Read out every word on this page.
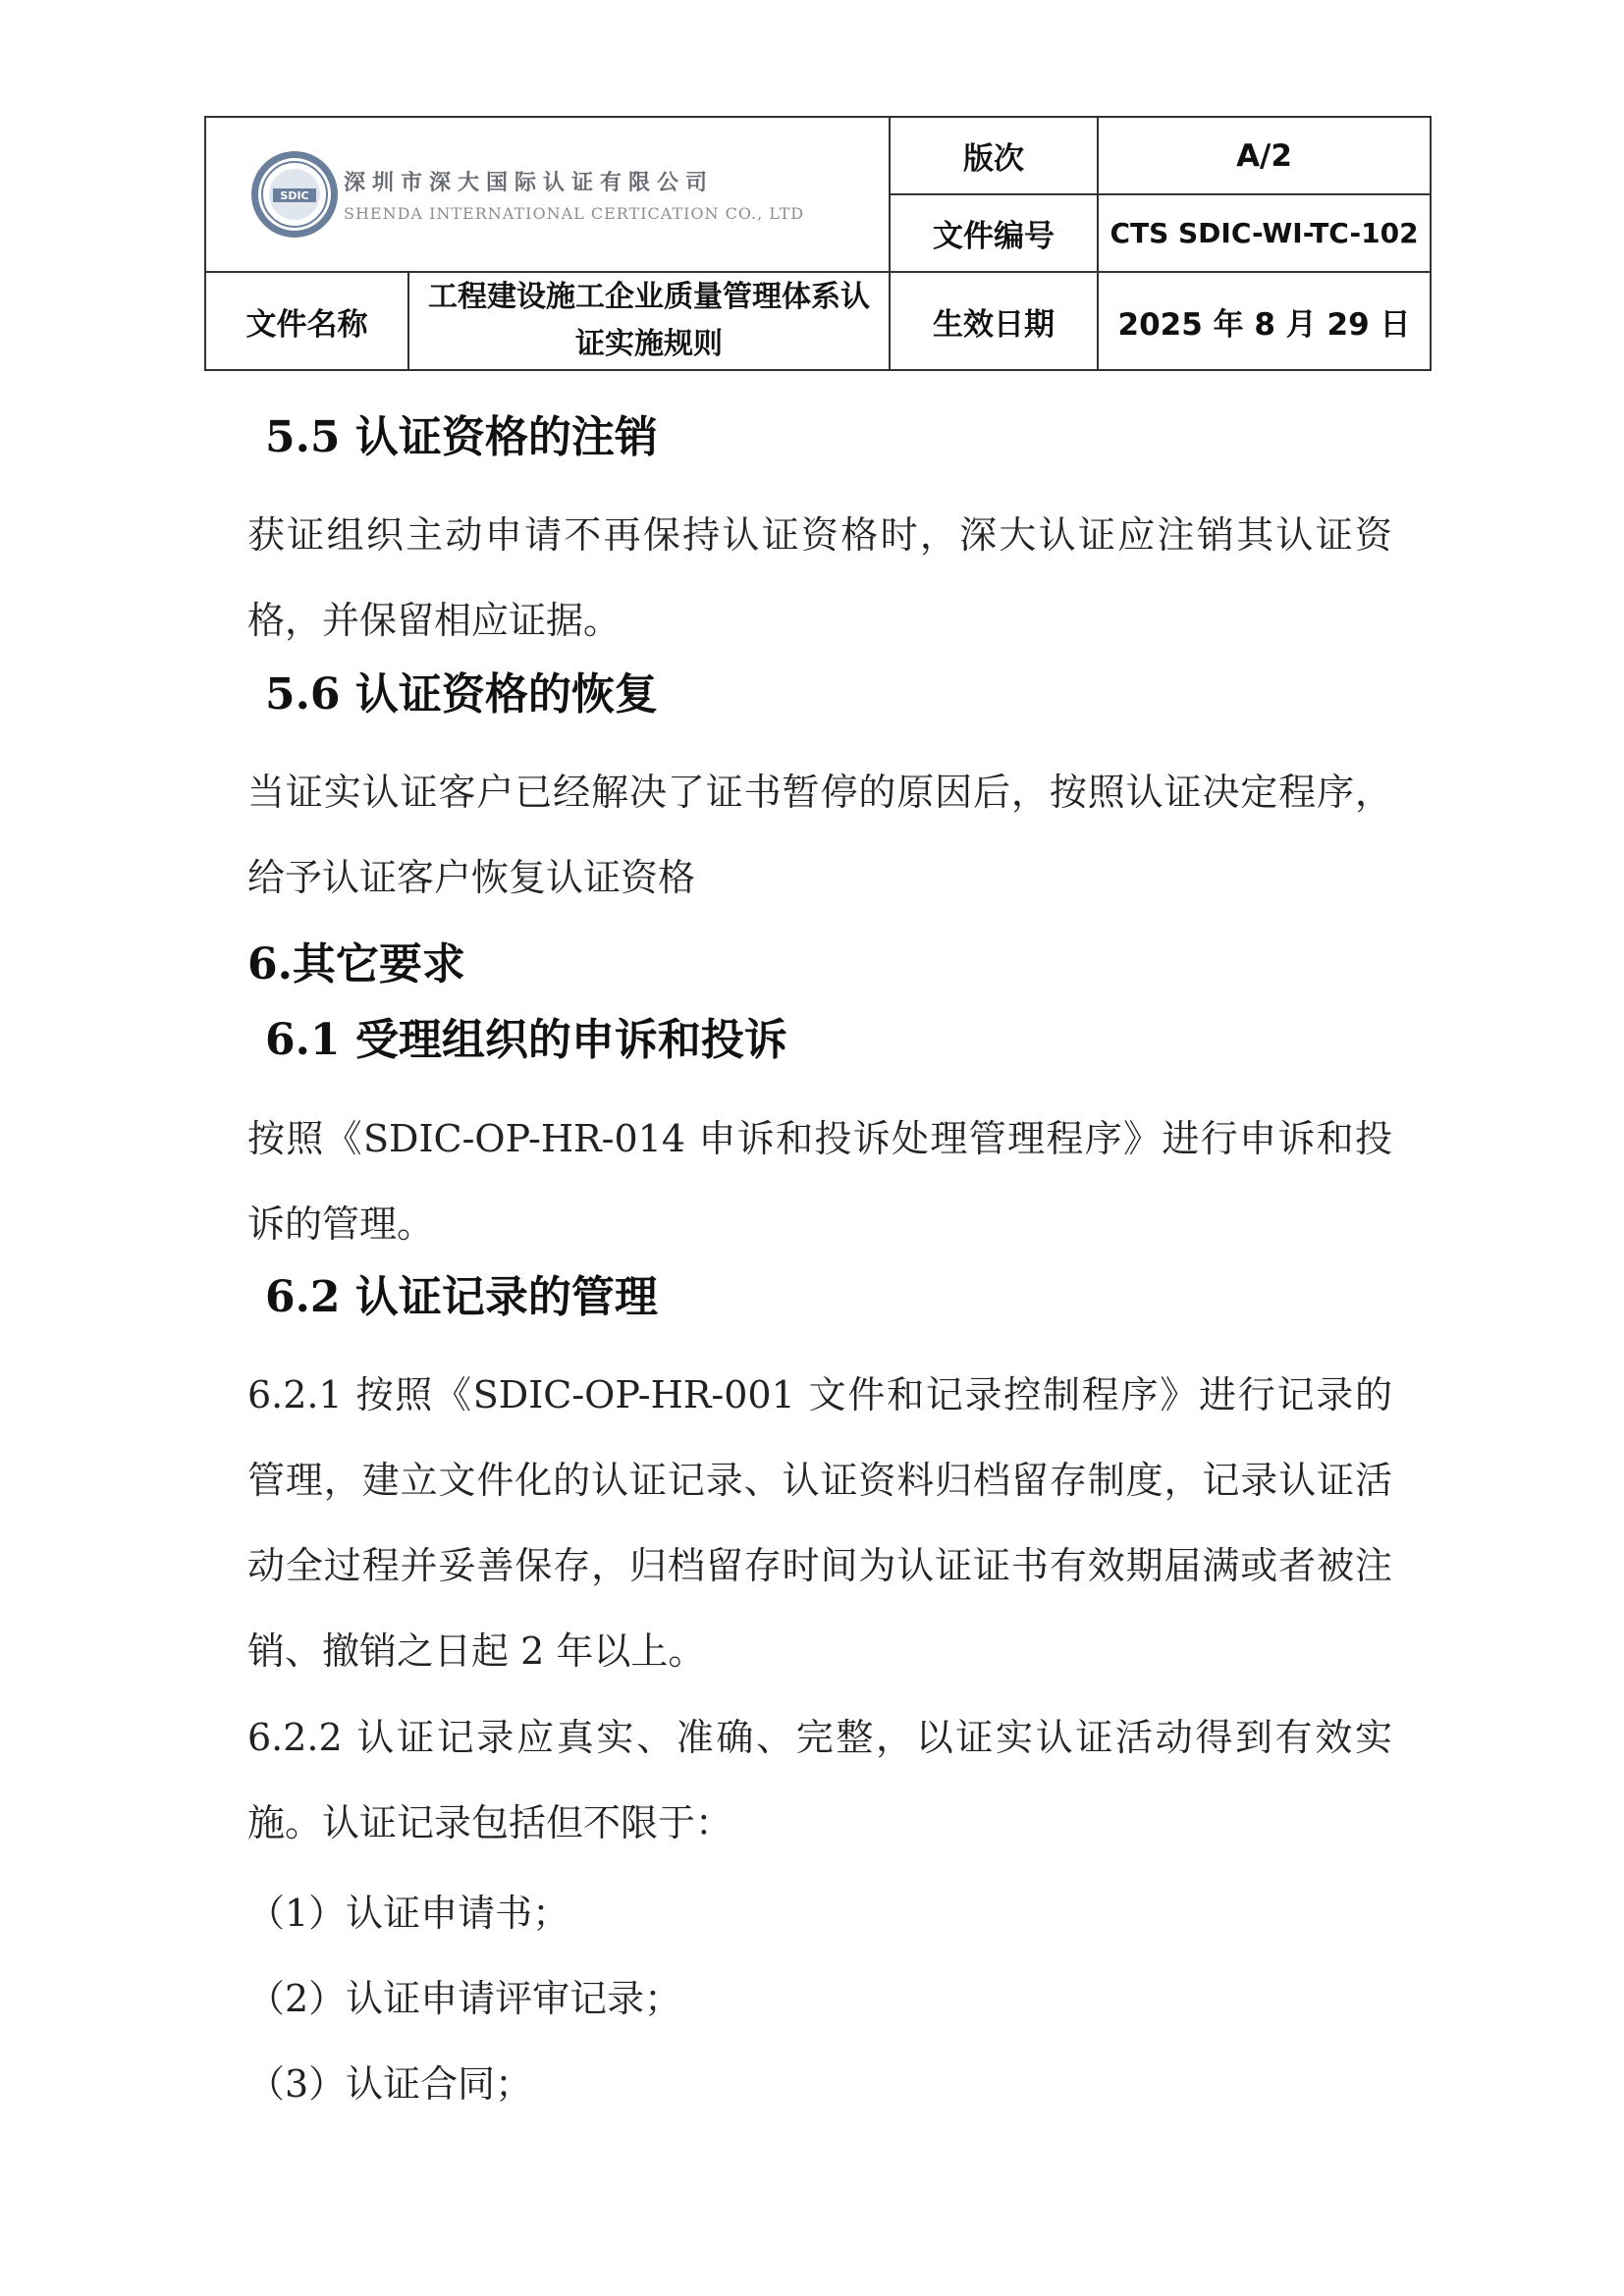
SDIC
深圳市深大国际认证有限公司
SHENDA INTERNATIONAL CERTICATION CO., LTD		版次	A/2
		文件编号	CTS SDIC-WI-TC-102
文件名称	工程建设施工企业质量管理体系认证实施规则	生效日期	2025 年 8 月 29 日
5.5 认证资格的注销
获证组织主动申请不再保持认证资格时，深大认证应注销其认证资格，并保留相应证据。
5.6 认证资格的恢复
当证实认证客户已经解决了证书暂停的原因后，按照认证决定程序，给予认证客户恢复认证资格
6.其它要求
6.1 受理组织的申诉和投诉
按照《SDIC-OP-HR-014 申诉和投诉处理管理程序》进行申诉和投诉的管理。
6.2 认证记录的管理
6.2.1 按照《SDIC-OP-HR-001 文件和记录控制程序》进行记录的管理，建立文件化的认证记录、认证资料归档留存制度，记录认证活动全过程并妥善保存，归档留存时间为认证证书有效期届满或者被注销、撤销之日起 2 年以上。
6.2.2 认证记录应真实、准确、完整，以证实认证活动得到有效实施。认证记录包括但不限于：
（1）认证申请书；
（2）认证申请评审记录；
（3）认证合同；
